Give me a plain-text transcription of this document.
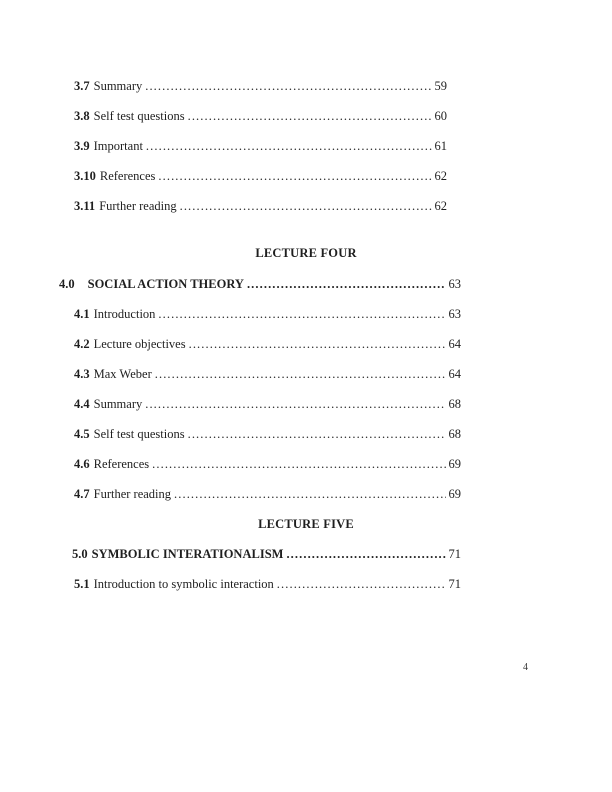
3.7 Summary .....	59
3.8 Self test questions .....	60
3.9 Important .....	61
3.10 References .....	62
3.11 Further reading .....	62
LECTURE FOUR
4.0 SOCIAL ACTION THEORY .....	63
4.1 Introduction .....	63
4.2 Lecture objectives .....	64
4.3 Max Weber .....	64
4.4 Summary .....	68
4.5 Self test questions .....	68
4.6 References .....	69
4.7 Further reading .....	69
LECTURE FIVE
5.0 SYMBOLIC INTERATIONALISM .....	71
5.1 Introduction to symbolic interaction .....	71
4
